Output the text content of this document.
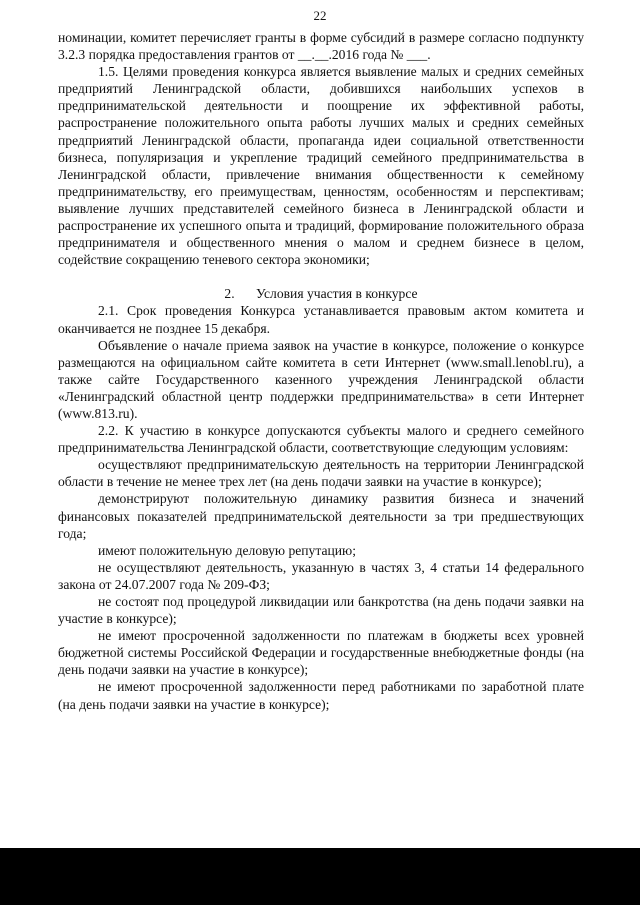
22

номинации, комитет перечисляет гранты в форме субсидий в размере согласно подпункту 3.2.3 порядка предоставления грантов от __.__.2016 года № ___.

1.5. Целями проведения конкурса является выявление малых и средних семейных предприятий Ленинградской области, добившихся наибольших успехов в предпринимательской деятельности и поощрение их эффективной работы, распространение положительного опыта работы лучших малых и средних семейных предприятий Ленинградской области, пропаганда идеи социальной ответственности бизнеса, популяризация и укрепление традиций семейного предпринимательства в Ленинградской области, привлечение внимания общественности к семейному предпринимательству, его преимуществам, ценностям, особенностям и перспективам; выявление лучших представителей семейного бизнеса в Ленинградской области и распространение их успешного опыта и традиций, формирование положительного образа предпринимателя и общественного мнения о малом и среднем бизнесе в целом, содействие сокращению теневого сектора экономики;

2. Условия участия в конкурсе

2.1. Срок проведения Конкурса устанавливается правовым актом комитета и оканчивается не позднее 15 декабря.

Объявление о начале приема заявок на участие в конкурсе, положение о конкурсе размещаются на официальном сайте комитета в сети Интернет (www.small.lenobl.ru), а также сайте Государственного казенного учреждения Ленинградской области «Ленинградский областной центр поддержки предпринимательства» в сети Интернет (www.813.ru).

2.2. К участию в конкурсе допускаются субъекты малого и среднего семейного предпринимательства Ленинградской области, соответствующие следующим условиям:

осуществляют предпринимательскую деятельность на территории Ленинградской области в течение не менее трех лет (на день подачи заявки на участие в конкурсе);

демонстрируют положительную динамику развития бизнеса и значений финансовых показателей предпринимательской деятельности за три предшествующих года;

имеют положительную деловую репутацию;

не осуществляют деятельность, указанную в частях 3, 4 статьи 14 федерального закона от 24.07.2007 года № 209-ФЗ;

не состоят под процедурой ликвидации или банкротства (на день подачи заявки на участие в конкурсе);

не имеют просроченной задолженности по платежам в бюджеты всех уровней бюджетной системы Российской Федерации и государственные внебюджетные фонды (на день подачи заявки на участие в конкурсе);

не имеют просроченной задолженности перед работниками по заработной плате (на день подачи заявки на участие в конкурсе);
